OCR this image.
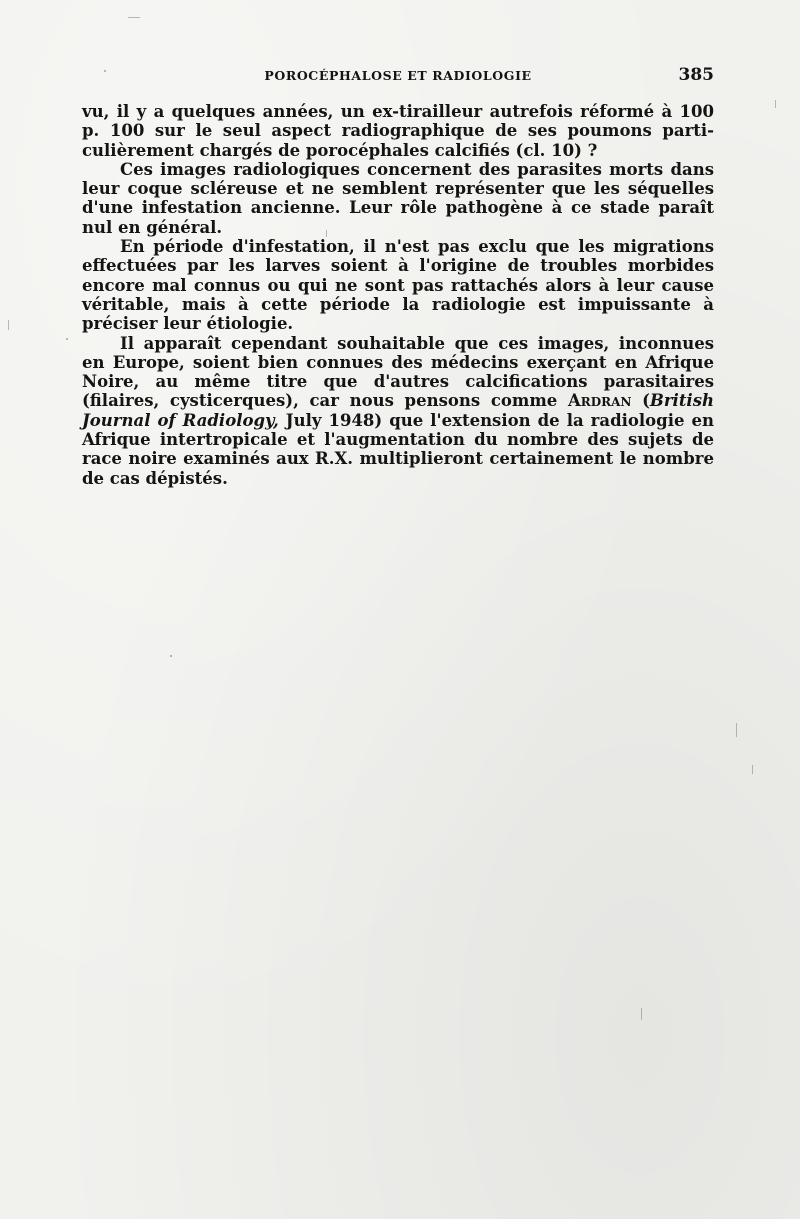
POROCÉPHALOSE ET RADIOLOGIE	385

vu, il y a quelques années, un ex-tirailleur autrefois réformé à 100 p. 100 sur le seul aspect radiographique de ses poumons parti-culièrement chargés de porocéphales calcifiés (cl. 10) ?

Ces images radiologiques concernent des parasites morts dans leur coque scléreuse et ne semblent représenter que les séquelles d'une infestation ancienne. Leur rôle pathogène à ce stade paraît nul en général.

En période d'infestation, il n'est pas exclu que les migrations effectuées par les larves soient à l'origine de troubles morbides encore mal connus ou qui ne sont pas rattachés alors à leur cause véritable, mais à cette période la radiologie est impuissante à préciser leur étiologie.

Il apparaît cependant souhaitable que ces images, inconnues en Europe, soient bien connues des médecins exerçant en Afrique Noire, au même titre que d'autres calcifications parasitaires (filaires, cysticerques), car nous pensons comme Ardran (British Journal of Radiology, July 1948) que l'extension de la radiologie en Afrique intertropicale et l'augmentation du nombre des sujets de race noire examinés aux R.X. multiplieront certainement le nombre de cas dépistés.
